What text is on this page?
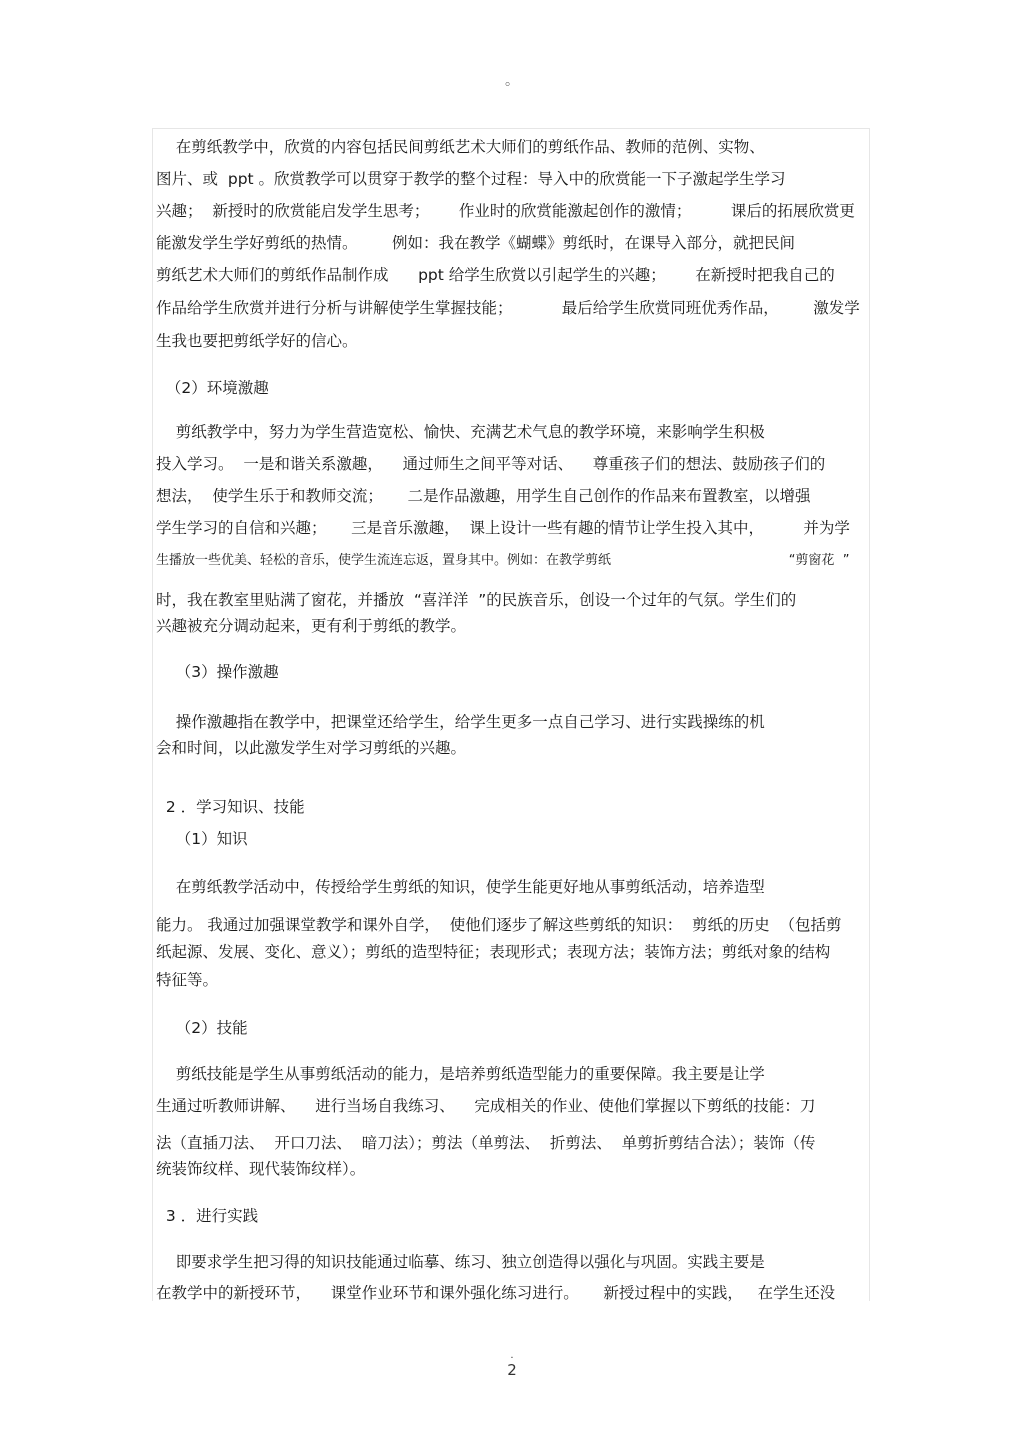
。
在剪纸教学中，欣赏的内容包括民间剪纸艺术大师们的剪纸作品、教师的范例、实物、
图片、或  ppt 。欣赏教学可以贯穿于教学的整个过程：导入中的欣赏能一下子激起学生学习
兴趣；  新授时的欣赏能启发学生思考；      作业时的欣赏能激起创作的激情；        课后的拓展欣赏更
能激发学生学好剪纸的热情。       例如：我在教学《蝴蝶》剪纸时，在课导入部分，就把民间
剪纸艺术大师们的剪纸作品制作成      ppt 给学生欣赏以引起学生的兴趣；      在新授时把我自己的
作品给学生欣赏并进行分析与讲解使学生掌握技能；          最后给学生欣赏同班优秀作品，       激发学
生我也要把剪纸学好的信心。
（2）环境激趣
剪纸教学中，努力为学生营造宽松、愉快、充满艺术气息的教学环境，来影响学生积极
投入学习。  一是和谐关系激趣，    通过师生之间平等对话、    尊重孩子们的想法、鼓励孩子们的
想法，  使学生乐于和教师交流；     二是作品激趣，用学生自己创作的作品来布置教室，以增强
学生学习的自信和兴趣；     三是音乐激趣，  课上设计一些有趣的情节让学生投入其中，        并为学
生播放一些优美、轻松的音乐，使学生流连忘返，置身其中。例如：在教学剪纸                                           “剪窗花  ”
时，我在教室里贴满了窗花，并播放  “喜洋洋  ”的民族音乐，创设一个过年的气氛。学生们的
兴趣被充分调动起来，更有利于剪纸的教学。
（3）操作激趣
操作激趣指在教学中，把课堂还给学生，给学生更多一点自己学习、进行实践操练的机
会和时间，以此激发学生对学习剪纸的兴趣。
2 ．学习知识、技能
（1）知识
在剪纸教学活动中，传授给学生剪纸的知识，使学生能更好地从事剪纸活动，培养造型
能力。 我通过加强课堂教学和课外自学，  使他们逐步了解这些剪纸的知识：  剪纸的历史  （包括剪
纸起源、发展、变化、意义）；剪纸的造型特征；表现形式；表现方法；装饰方法；剪纸对象的结构
特征等。
（2）技能
剪纸技能是学生从事剪纸活动的能力，是培养剪纸造型能力的重要保障。我主要是让学
生通过听教师讲解、    进行当场自我练习、    完成相关的作业、使他们掌握以下剪纸的技能：刀
法（直插刀法、  开口刀法、  暗刀法）；剪法（单剪法、  折剪法、  单剪折剪结合法）；装饰（传
统装饰纹样、现代装饰纹样）。
3 ．进行实践
即要求学生把习得的知识技能通过临摹、练习、独立创造得以强化与巩固。实践主要是
在教学中的新授环节，    课堂作业环节和课外强化练习进行。     新授过程中的实践，   在学生还没
.
2
